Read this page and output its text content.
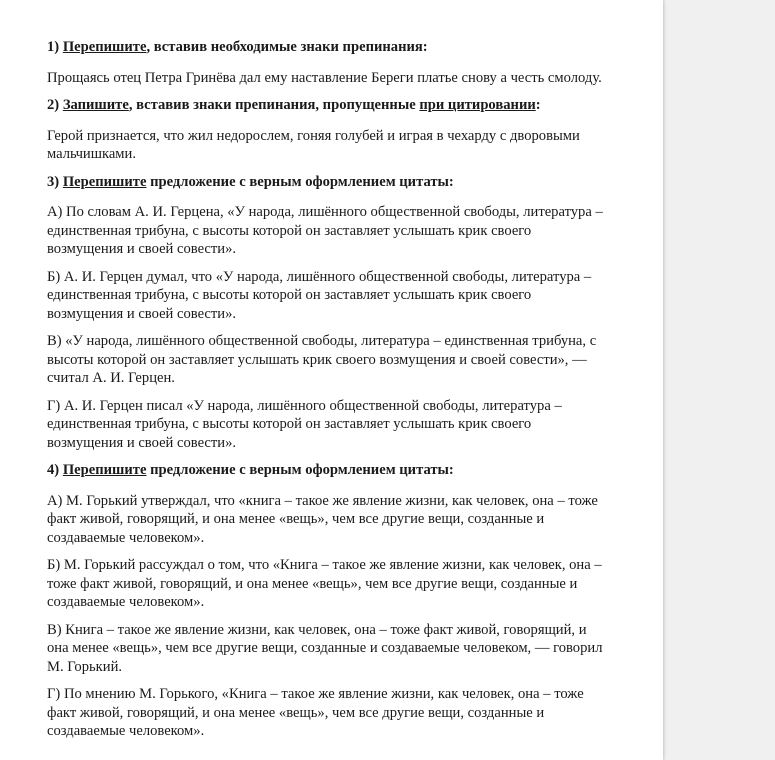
1) Перепишите, вставив необходимые знаки препинания:

Прощаясь отец Петра Гринёва дал ему наставление Береги платье снову а честь смолоду.

2) Запишите, вставив знаки препинания, пропущенные при цитировании:

Герой признается, что жил недорослем, гоняя голубей и играя в чехарду с дворовыми мальчишками.

3) Перепишите предложение с верным оформлением цитаты:

А) По словам А. И. Герцена, «У народа, лишённого общественной свободы, литература – единственная трибуна, с высоты которой он заставляет услышать крик своего возмущения и своей совести».

Б) А. И. Герцен думал, что «У народа, лишённого общественной свободы, литература – единственная трибуна, с высоты которой он заставляет услышать крик своего возмущения и своей совести».

В) «У народа, лишённого общественной свободы, литература – единственная трибуна, с высоты которой он заставляет услышать крик своего возмущения и своей совести», — считал А. И. Герцен.

Г) А. И. Герцен писал «У народа, лишённого общественной свободы, литература – единственная трибуна, с высоты которой он заставляет услышать крик своего возмущения и своей совести».

4) Перепишите предложение с верным оформлением цитаты:

А) М. Горький утверждал, что «книга – такое же явление жизни, как человек, она – тоже факт живой, говорящий, и она менее «вещь», чем все другие вещи, созданные и создаваемые человеком».

Б) М. Горький рассуждал о том, что «Книга – такое же явление жизни, как человек, она – тоже факт живой, говорящий, и она менее «вещь», чем все другие вещи, созданные и создаваемые человеком».

В) Книга – такое же явление жизни, как человек, она – тоже факт живой, говорящий, и она менее «вещь», чем все другие вещи, созданные и создаваемые человеком, — говорил М. Горький.

Г) По мнению М. Горького, «Книга – такое же явление жизни, как человек, она – тоже факт живой, говорящий, и она менее «вещь», чем все другие вещи, созданные и создаваемые человеком».
